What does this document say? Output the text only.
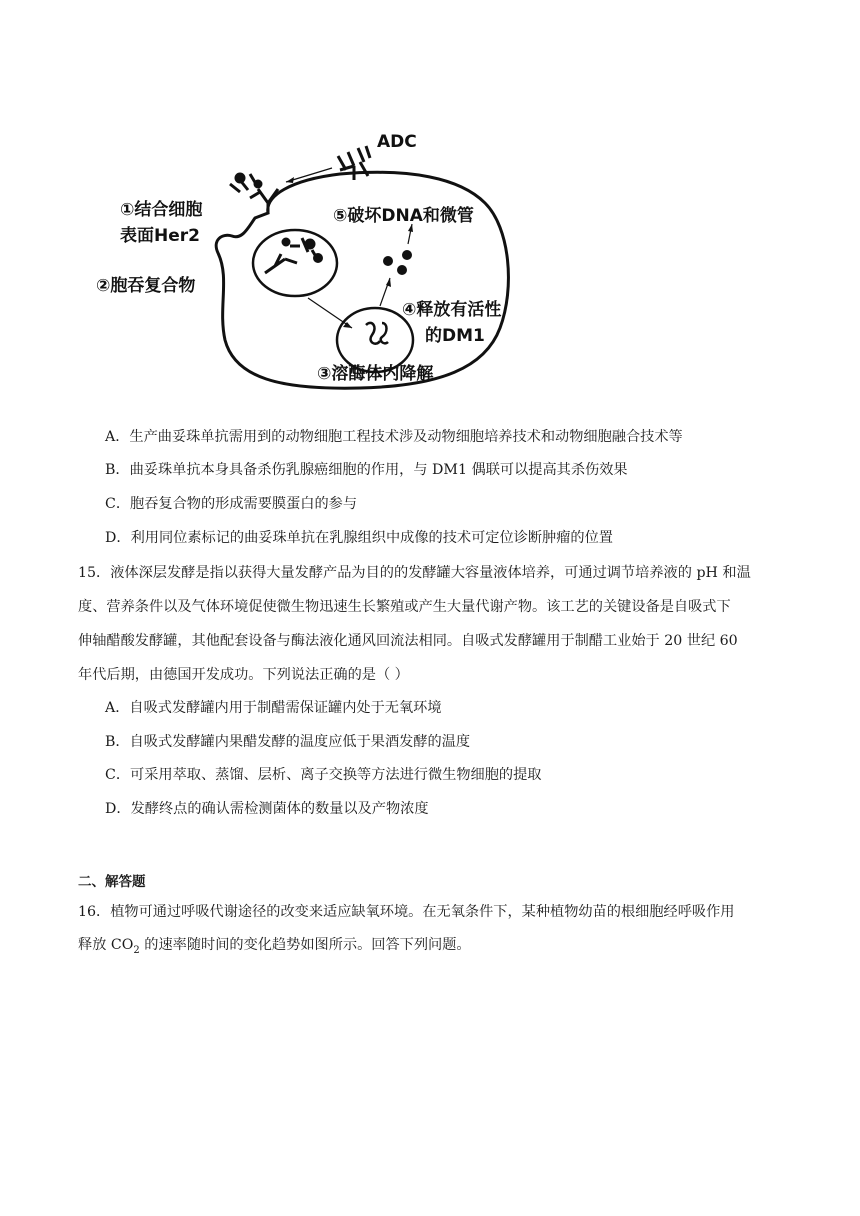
ADC
①结合细胞
表面Her2
②胞吞复合物
⑤破坏DNA和微管
④释放有活性
的DM1
③溶酶体内降解
A．生产曲妥珠单抗需用到的动物细胞工程技术涉及动物细胞培养技术和动物细胞融合技术等
B．曲妥珠单抗本身具备杀伤乳腺癌细胞的作用，与 DM1 偶联可以提高其杀伤效果
C．胞吞复合物的形成需要膜蛋白的参与
D．利用同位素标记的曲妥珠单抗在乳腺组织中成像的技术可定位诊断肿瘤的位置
15．液体深层发酵是指以获得大量发酵产品为目的的发酵罐大容量液体培养，可通过调节培养液的 pH 和温
度、营养条件以及气体环境促使微生物迅速生长繁殖或产生大量代谢产物。该工艺的关键设备是自吸式下
伸轴醋酸发酵罐，其他配套设备与酶法液化通风回流法相同。自吸式发酵罐用于制醋工业始于 20 世纪 60
年代后期，由德国开发成功。下列说法正确的是（ ）
A．自吸式发酵罐内用于制醋需保证罐内处于无氧环境
B．自吸式发酵罐内果醋发酵的温度应低于果酒发酵的温度
C．可采用萃取、蒸馏、层析、离子交换等方法进行微生物细胞的提取
D．发酵终点的确认需检测菌体的数量以及产物浓度
二、解答题
16．植物可通过呼吸代谢途径的改变来适应缺氧环境。在无氧条件下，某种植物幼苗的根细胞经呼吸作用
释放 $CO_2$ 的速率随时间的变化趋势如图所示。回答下列问题。
